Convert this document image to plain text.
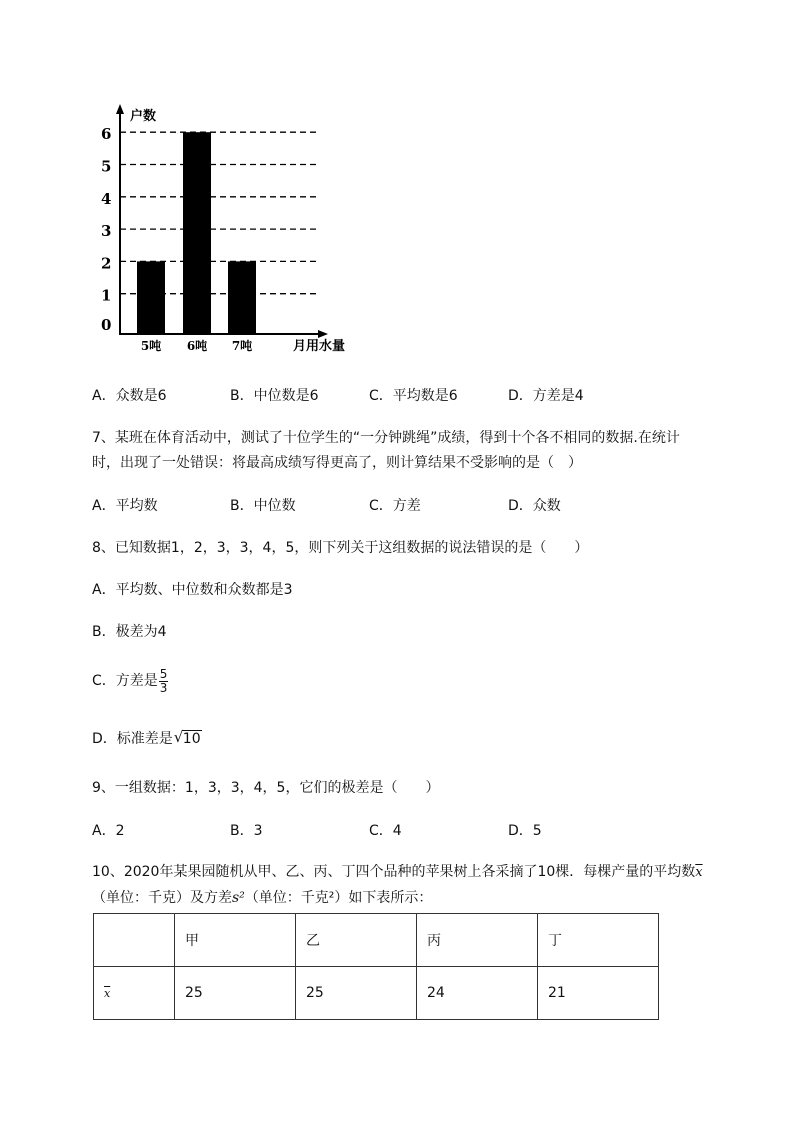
户数
月用水量
0
1
2
3
4
5
6
5吨 6吨 7吨
A．众数是6	B．中位数是6	C．平均数是6	D．方差是4
7、某班在体育活动中，测试了十位学生的“一分钟跳绳”成绩，得到十个各不相同的数据.在统计
时，出现了一处错误：将最高成绩写得更高了，则计算结果不受影响的是（　）
A．平均数	B．中位数	C．方差	D．众数
8、已知数据1，2，3，3，4，5，则下列关于这组数据的说法错误的是（　　）
A．平均数、中位数和众数都是3
B．极差为4
C．方差是 $\frac{5}{3}$
D．标准差是 √ 10
9、一组数据：1，3，3，4，5，它们的极差是（　　）
A．2	B．3	C．4	D．5
10、2020年某果园随机从甲、乙、丙、丁四个品种的苹果树上各采摘了10棵．每棵产量的平均数$\overline{x}$
（单位：千克）及方差s²（单位：千克²）如下表所示：
	甲	乙	丙	丁
$\overline{x}$	25	25	24	21
